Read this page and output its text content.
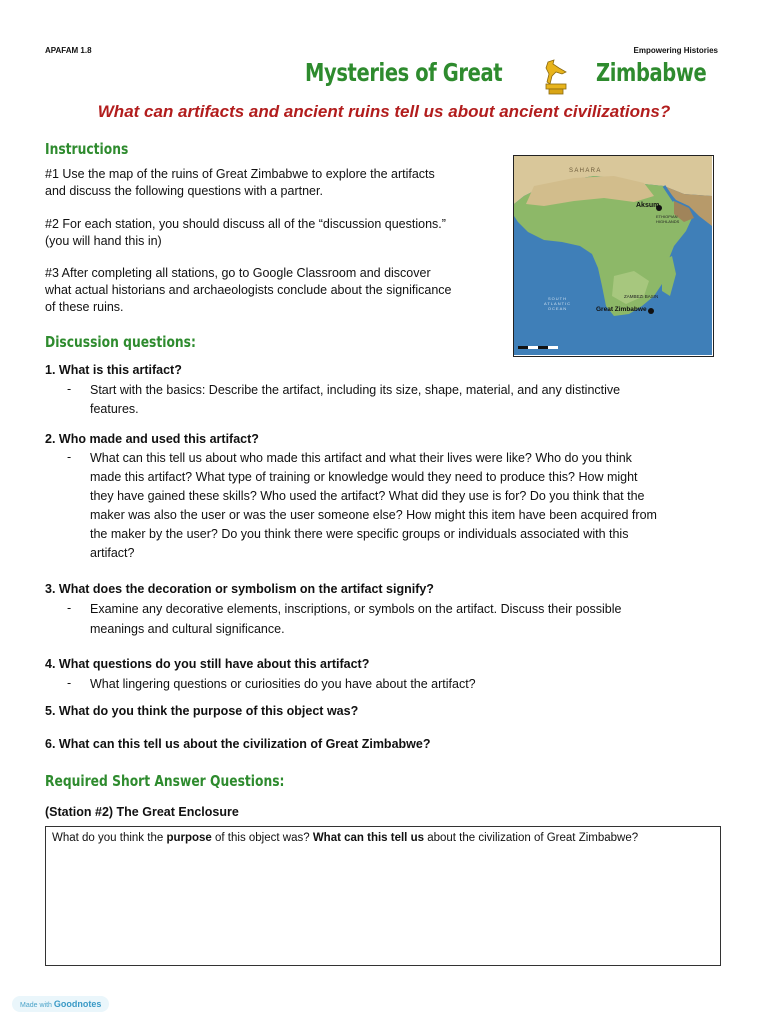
APAFAM 1.8	Empowering Histories
Mysteries of Great	Zimbabwe
What can artifacts and ancient ruins tell us about ancient civilizations?
Instructions
#1 Use the map of the ruins of Great Zimbabwe to explore the artifacts
and discuss the following questions with a partner.
#2 For each station, you should discuss all of the “discussion questions.”
(you will hand this in)
#3 After completing all stations, go to Google Classroom and discover
what actual historians and archaeologists conclude about the significance
of these ruins.
S A H A R A
Aksum
ETHIOPIAN HIGHLANDS
ZAMBEZI BASIN
Great Zimbabwe
SOUTH
ATLANTIC
OCEAN
Discussion questions:
1. What is this artifact?
- Start with the basics: Describe the artifact, including its size, shape, material, and any distinctive
features.
2. Who made and used this artifact?
- What can this tell us about who made this artifact and what their lives were like? Who do you think
made this artifact? What type of training or knowledge would they need to produce this? How might
they have gained these skills? Who used the artifact? What did they use is for? Do you think that the
maker was also the user or was the user someone else? How might this item have been acquired from
the maker by the user? Do you think there were specific groups or individuals associated with this
artifact?
3. What does the decoration or symbolism on the artifact signify?
- Examine any decorative elements, inscriptions, or symbols on the artifact. Discuss their possible
meanings and cultural significance.
4. What questions do you still have about this artifact?
- What lingering questions or curiosities do you have about the artifact?
5. What do you think the purpose of this object was?
6. What can this tell us about the civilization of Great Zimbabwe?
Required Short Answer Questions:
(Station #2) The Great Enclosure
What do you think the purpose of this object was? What can this tell us about the civilization of Great Zimbabwe?
Made with Goodnotes
